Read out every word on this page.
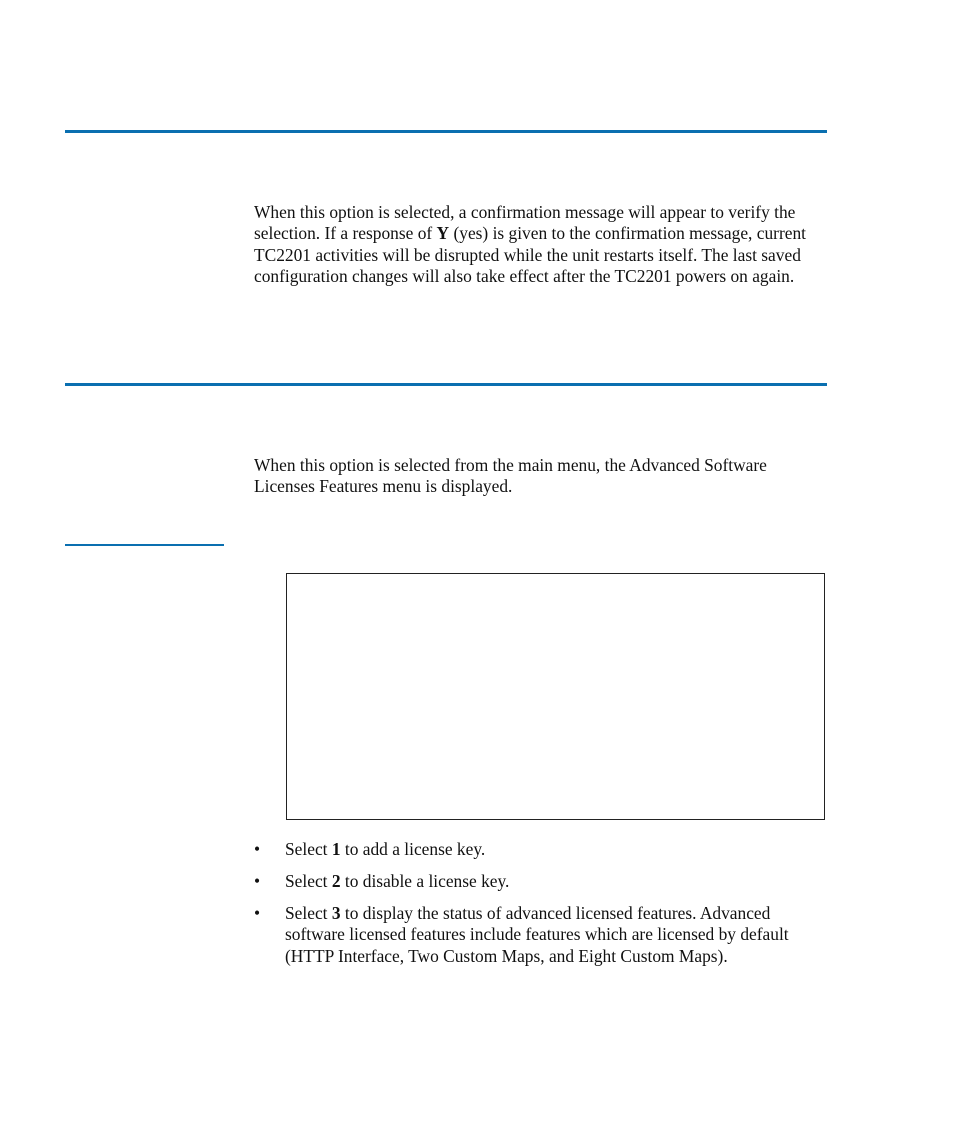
When this option is selected, a confirmation message will appear to verify the selection. If a response of Y (yes) is given to the confirmation message, current TC2201 activities will be disrupted while the unit restarts itself. The last saved configuration changes will also take effect after the TC2201 powers on again.

When this option is selected from the main menu, the Advanced Software Licenses Features menu is displayed.

• Select 1 to add a license key.
• Select 2 to disable a license key.
• Select 3 to display the status of advanced licensed features. Advanced software licensed features include features which are licensed by default (HTTP Interface, Two Custom Maps, and Eight Custom Maps).
